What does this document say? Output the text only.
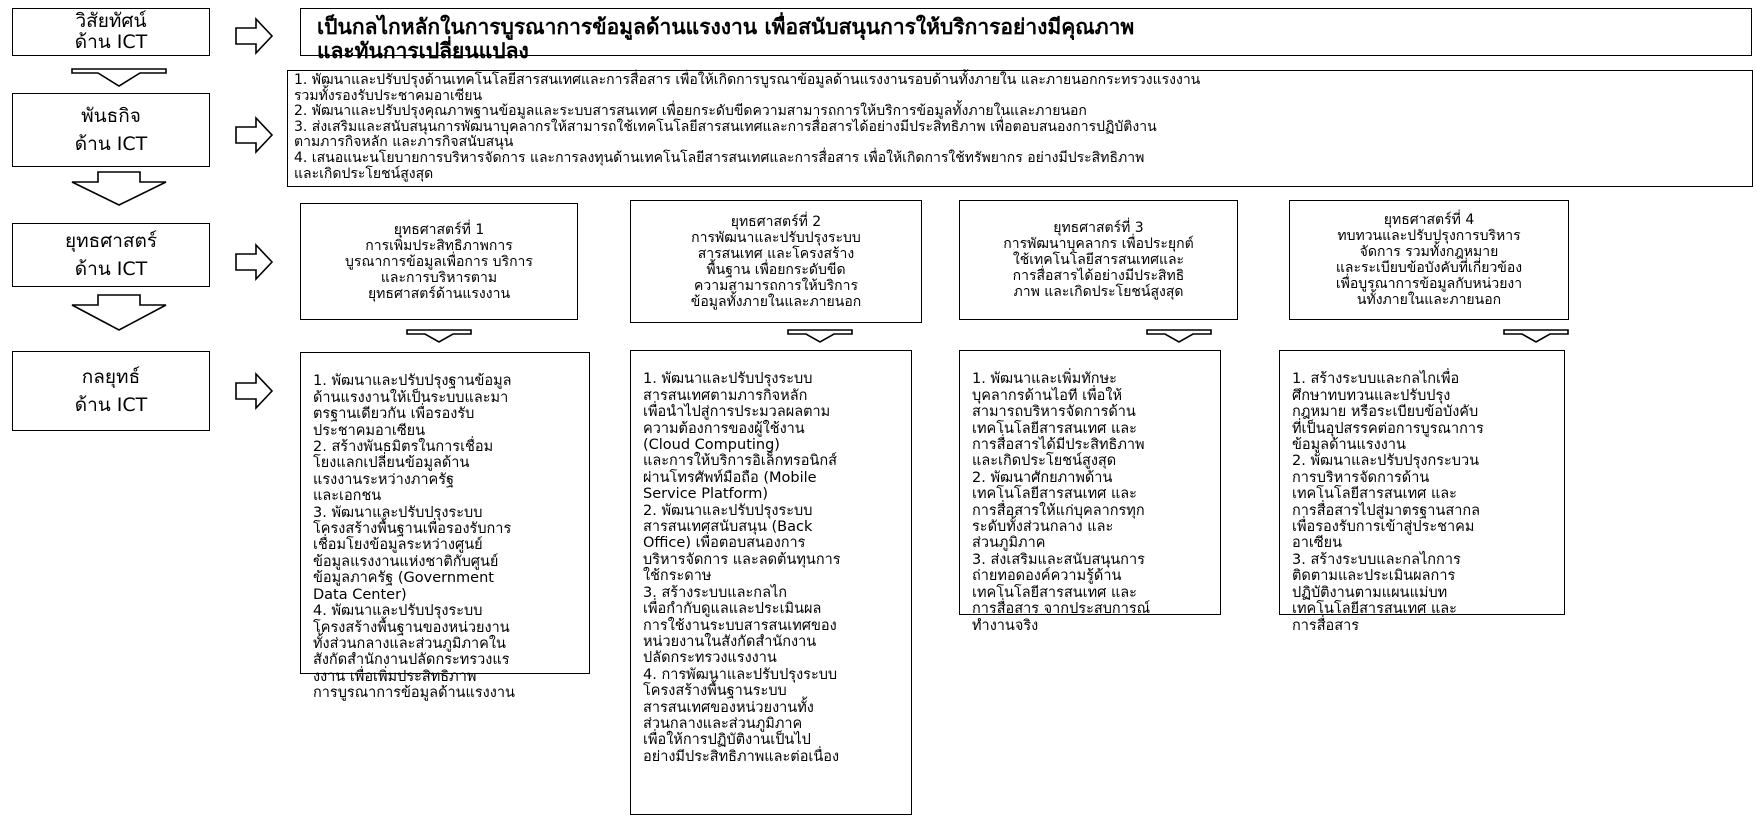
วิสัยทัศน์
ด้าน ICT
พันธกิจ
ด้าน ICT
ยุทธศาสตร์
ด้าน ICT
กลยุทธ์
ด้าน ICT
เป็นกลไกหลักในการบูรณาการข้อมูลด้านแรงงาน เพื่อสนับสนุนการให้บริการอย่างมีคุณภาพ
และทันการเปลี่ยนแปลง
1. พัฒนาและปรับปรุงด้านเทคโนโลยีสารสนเทศและการสื่อสาร เพื่อให้เกิดการบูรณาข้อมูลด้านแรงงานรอบด้านทั้งภายใน และภายนอกกระทรวงแรงงาน
รวมทั้งรองรับประชาคมอาเซียน
2. พัฒนาและปรับปรุงคุณภาพฐานข้อมูลและระบบสารสนเทศ เพื่อยกระดับขีดความสามารถการให้บริการข้อมูลทั้งภายในและภายนอก
3. ส่งเสริมและสนับสนุนการพัฒนาบุคลากรให้สามารถใช้เทคโนโลยีสารสนเทศและการสื่อสารได้อย่างมีประสิทธิภาพ เพื่อตอบสนองการปฏิบัติงาน
ตามภารกิจหลัก และภารกิจสนับสนุน
4. เสนอแนะนโยบายการบริหารจัดการ และการลงทุนด้านเทคโนโลยีสารสนเทศและการสื่อสาร เพื่อให้เกิดการใช้ทรัพยากร อย่างมีประสิทธิภาพ
และเกิดประโยชน์สูงสุด
ยุทธศาสตร์ที่ 1
การเพิ่มประสิทธิภาพการ
บูรณาการข้อมูลเพื่อการ บริการ
และการบริหารตาม
ยุทธศาสตร์ด้านแรงงาน
ยุทธศาสตร์ที่ 2
การพัฒนาและปรับปรุงระบบ
สารสนเทศ และโครงสร้าง
พื้นฐาน เพื่อยกระดับขีด
ความสามารถการให้บริการ
ข้อมูลทั้งภายในและภายนอก
ยุทธศาสตร์ที่ 3
การพัฒนาบุคลากร เพื่อประยุกต์
ใช้เทคโนโลยีสารสนเทศและ
การสื่อสารได้อย่างมีประสิทธิ
ภาพ และเกิดประโยชน์สูงสุด
ยุทธศาสตร์ที่ 4
ทบทวนและปรับปรุงการบริหาร
จัดการ รวมทั้งกฎหมาย
และระเบียบข้อบังคับที่เกี่ยวข้อง
เพื่อบูรณาการข้อมูลกับหน่วยงา
นทั้งภายในและภายนอก

1. พัฒนาและปรับปรุงฐานข้อมูล
ด้านแรงงานให้เป็นระบบและมา
ตรฐานเดียวกัน เพื่อรองรับ
ประชาคมอาเซียน
2. สร้างพันธมิตรในการเชื่อม
โยงแลกเปลี่ยนข้อมูลด้าน
แรงงานระหว่างภาครัฐ
และเอกชน
3. พัฒนาและปรับปรุงระบบ
โครงสร้างพื้นฐานเพื่อรองรับการ
เชื่อมโยงข้อมูลระหว่างศูนย์
ข้อมูลแรงงานแห่งชาติกับศูนย์
ข้อมูลภาครัฐ (Government
Data Center)
4. พัฒนาและปรับปรุงระบบ
โครงสร้างพื้นฐานของหน่วยงาน
ทั้งส่วนกลางและส่วนภูมิภาคใน
สังกัดสำนักงานปลัดกระทรวงแร
งงาน เพื่อเพิ่มประสิทธิภาพ
การบูรณาการข้อมูลด้านแรงงาน

1. พัฒนาและปรับปรุงระบบ
สารสนเทศตามภารกิจหลัก
เพื่อนำไปสู่การประมวลผลตาม
ความต้องการของผู้ใช้งาน
(Cloud Computing)
และการให้บริการอิเล็กทรอนิกส์
ผ่านโทรศัพท์มือถือ (Mobile
Service Platform)
2. พัฒนาและปรับปรุงระบบ
สารสนเทศสนับสนุน (Back
Office) เพื่อตอบสนองการ
บริหารจัดการ และลดต้นทุนการ
ใช้กระดาษ
3. สร้างระบบและกลไก
เพื่อกำกับดูแลและประเมินผล
การใช้งานระบบสารสนเทศของ
หน่วยงานในสังกัดสำนักงาน
ปลัดกระทรวงแรงงาน
4. การพัฒนาและปรับปรุงระบบ
โครงสร้างพื้นฐานระบบ
สารสนเทศของหน่วยงานทั้ง
ส่วนกลางและส่วนภูมิภาค
เพื่อให้การปฏิบัติงานเป็นไป
อย่างมีประสิทธิภาพและต่อเนื่อง

1. พัฒนาและเพิ่มทักษะ
บุคลากรด้านไอที เพื่อให้
สามารถบริหารจัดการด้าน
เทคโนโลยีสารสนเทศ และ
การสื่อสารได้มีประสิทธิภาพ
และเกิดประโยชน์สูงสุด
2. พัฒนาศักยภาพด้าน
เทคโนโลยีสารสนเทศ และ
การสื่อสารให้แก่บุคลากรทุก
ระดับทั้งส่วนกลาง และ
ส่วนภูมิภาค
3. ส่งเสริมและสนับสนุนการ
ถ่ายทอดองค์ความรู้ด้าน
เทคโนโลยีสารสนเทศ และ
การสื่อสาร จากประสบการณ์
ทำงานจริง

1. สร้างระบบและกลไกเพื่อ
ศึกษาทบทวนและปรับปรุง
กฎหมาย หรือระเบียบข้อบังคับ
ที่เป็นอุปสรรคต่อการบูรณาการ
ข้อมูลด้านแรงงาน
2. พัฒนาและปรับปรุงกระบวน
การบริหารจัดการด้าน
เทคโนโลยีสารสนเทศ และ
การสื่อสารไปสู่มาตรฐานสากล
เพื่อรองรับการเข้าสู่ประชาคม
อาเซียน
3. สร้างระบบและกลไกการ
ติดตามและประเมินผลการ
ปฏิบัติงานตามแผนแม่บท
เทคโนโลยีสารสนเทศ และ
การสื่อสาร
